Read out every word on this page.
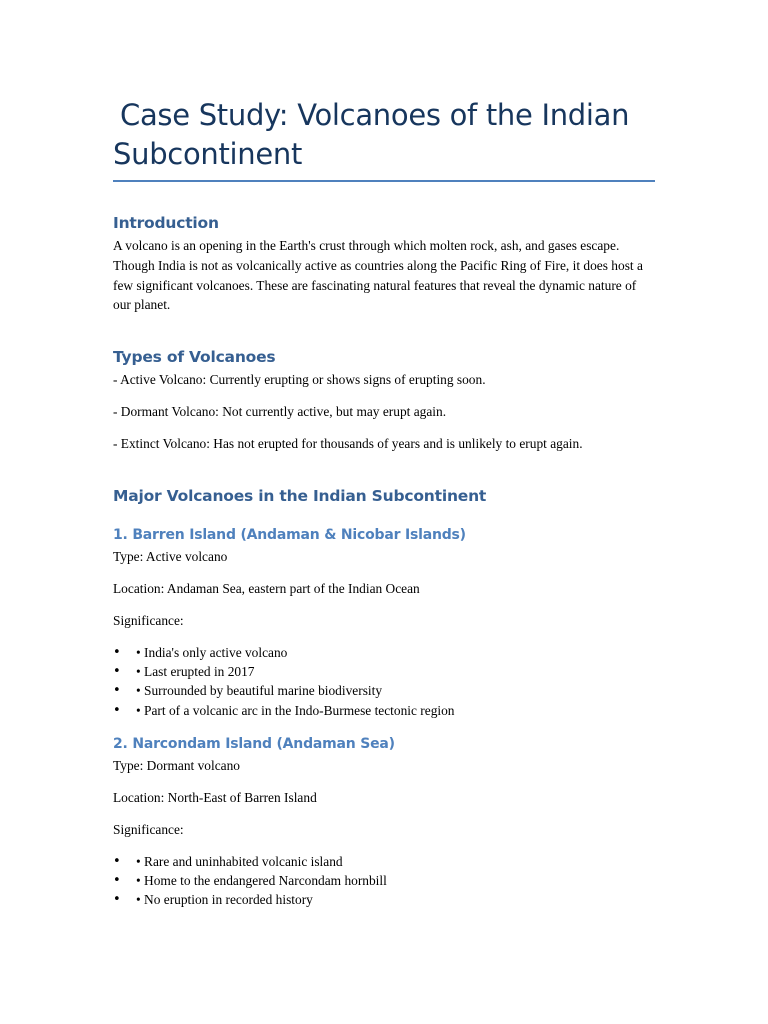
Case Study: Volcanoes of the Indian Subcontinent
Introduction

A volcano is an opening in the Earth's crust through which molten rock, ash, and gases escape. Though India is not as volcanically active as countries along the Pacific Ring of Fire, it does host a few significant volcanoes. These are fascinating natural features that reveal the dynamic nature of our planet.

Types of Volcanoes

- Active Volcano: Currently erupting or shows signs of erupting soon.

- Dormant Volcano: Not currently active, but may erupt again.

- Extinct Volcano: Has not erupted for thousands of years and is unlikely to erupt again.

Major Volcanoes in the Indian Subcontinent
1. Barren Island (Andaman & Nicobar Islands)

Type: Active volcano

Location: Andaman Sea, eastern part of the Indian Ocean

Significance:

• • India's only active volcano
• • Last erupted in 2017
• • Surrounded by beautiful marine biodiversity
• • Part of a volcanic arc in the Indo-Burmese tectonic region
2. Narcondam Island (Andaman Sea)

Type: Dormant volcano

Location: North-East of Barren Island

Significance:

• • Rare and uninhabited volcanic island
• • Home to the endangered Narcondam hornbill
• • No eruption in recorded history
